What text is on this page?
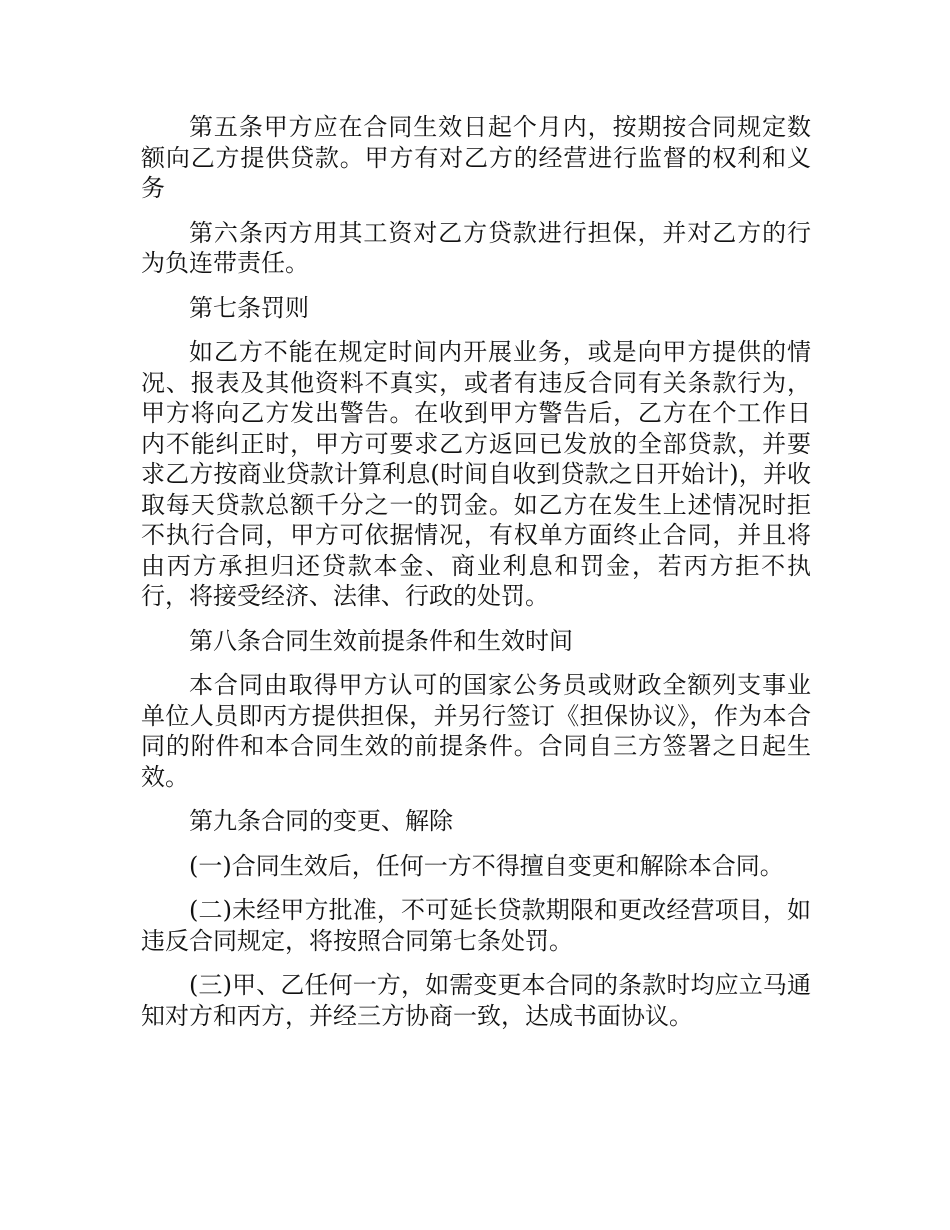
第五条甲方应在合同生效日起个月内，按期按合同规定数额向乙方提供贷款。甲方有对乙方的经营进行监督的权利和义务

第六条丙方用其工资对乙方贷款进行担保，并对乙方的行为负连带责任。

第七条罚则

如乙方不能在规定时间内开展业务，或是向甲方提供的情况、报表及其他资料不真实，或者有违反合同有关条款行为，甲方将向乙方发出警告。在收到甲方警告后，乙方在个工作日内不能纠正时，甲方可要求乙方返回已发放的全部贷款，并要求乙方按商业贷款计算利息(时间自收到贷款之日开始计)，并收取每天贷款总额千分之一的罚金。如乙方在发生上述情况时拒不执行合同，甲方可依据情况，有权单方面终止合同，并且将由丙方承担归还贷款本金、商业利息和罚金，若丙方拒不执行，将接受经济、法律、行政的处罚。

第八条合同生效前提条件和生效时间

本合同由取得甲方认可的国家公务员或财政全额列支事业单位人员即丙方提供担保，并另行签订《担保协议》，作为本合同的附件和本合同生效的前提条件。合同自三方签署之日起生效。

第九条合同的变更、解除

(一)合同生效后，任何一方不得擅自变更和解除本合同。

(二)未经甲方批准，不可延长贷款期限和更改经营项目，如违反合同规定，将按照合同第七条处罚。

(三)甲、乙任何一方，如需变更本合同的条款时均应立马通知对方和丙方，并经三方协商一致，达成书面协议。
